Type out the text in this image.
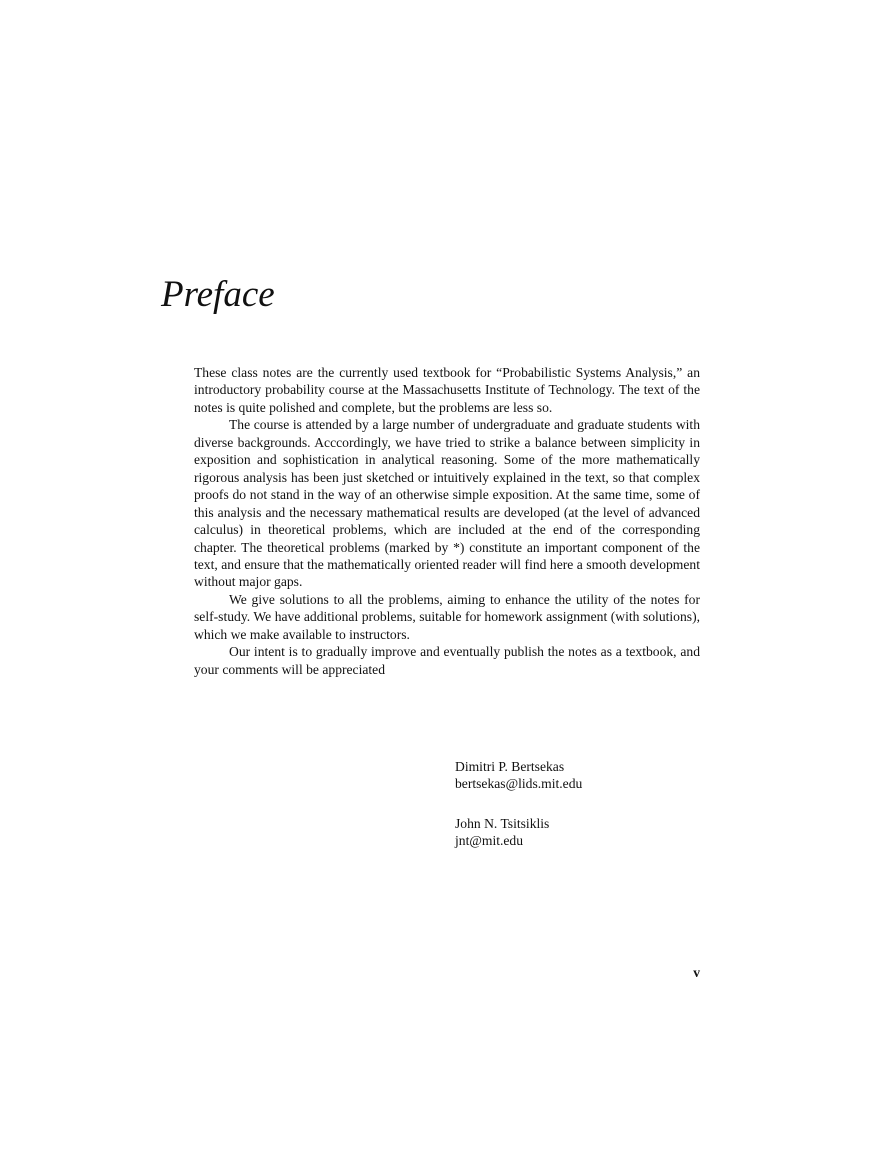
Preface

These class notes are the currently used textbook for “Probabilistic Systems Analysis,” an introductory probability course at the Massachusetts Institute of Technology. The text of the notes is quite polished and complete, but the problems are less so.

The course is attended by a large number of undergraduate and graduate students with diverse backgrounds. Acccordingly, we have tried to strike a balance between simplicity in exposition and sophistication in analytical reasoning. Some of the more mathematically rigorous analysis has been just sketched or intuitively explained in the text, so that complex proofs do not stand in the way of an otherwise simple exposition. At the same time, some of this analysis and the necessary mathematical results are developed (at the level of advanced calculus) in theoretical problems, which are included at the end of the corresponding chapter. The theoretical problems (marked by *) constitute an important component of the text, and ensure that the mathematically oriented reader will find here a smooth development without major gaps.

We give solutions to all the problems, aiming to enhance the utility of the notes for self-study. We have additional problems, suitable for homework assignment (with solutions), which we make available to instructors.

Our intent is to gradually improve and eventually publish the notes as a textbook, and your comments will be appreciated

Dimitri P. Bertsekas
bertsekas@lids.mit.edu
John N. Tsitsiklis
jnt@mit.edu
v
